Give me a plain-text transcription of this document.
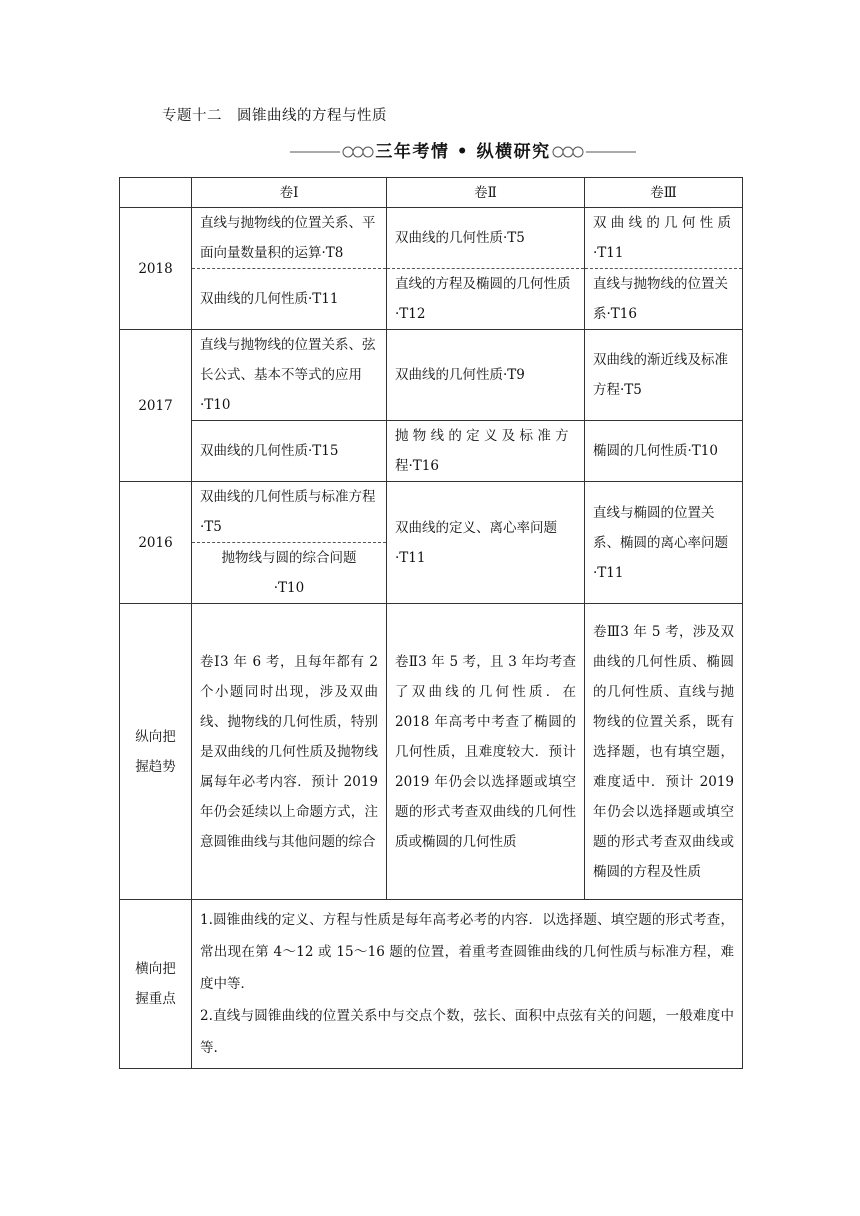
专题十二　圆锥曲线的方程与性质
三年考情 • 纵横研究
	卷Ⅰ	卷Ⅱ	卷Ⅲ
2018	直线与抛物线的位置关系、平面向量数量积的运算·T8	双曲线的几何性质·T5	双 曲 线 的 几 何 性 质·T11
	双曲线的几何性质·T11	直线的方程及椭圆的几何性质·T12	直线与抛物线的位置关系·T16
2017	直线与抛物线的位置关系、弦长公式、基本不等式的应用·T10	双曲线的几何性质·T9	双曲线的渐近线及标准方程·T5
	双曲线的几何性质·T15	抛 物 线 的 定 义 及 标 准 方 程·T16	椭圆的几何性质·T10
2016	双曲线的几何性质与标准方程·T5	双曲线的定义、离心率问题·T11	直线与椭圆的位置关系、椭圆的离心率问题·T11
	抛物线与圆的综合问题·T10		
纵向把握趋势	卷Ⅰ3 年 6 考，且每年都有 2 个小题同时出现，涉及双曲线、抛物线的几何性质，特别是双曲线的几何性质及抛物线属每年必考内容．预计 2019 年仍会延续以上命题方式，注意圆锥曲线与其他问题的综合	卷Ⅱ3 年 5 考，且 3 年均考查了双曲线的几何性质．在 2018 年高考中考查了椭圆的几何性质，且难度较大．预计 2019 年仍会以选择题或填空题的形式考查双曲线的几何性质或椭圆的几何性质	卷Ⅲ3 年 5 考，涉及双曲线的几何性质、椭圆的几何性质、直线与抛物线的位置关系，既有选择题，也有填空题，难度适中．预计 2019 年仍会以选择题或填空题的形式考查双曲线或椭圆的方程及性质
横向把握重点	1.圆锥曲线的定义、方程与性质是每年高考必考的内容．以选择题、填空题的形式考查，常出现在第 4～12 或 15～16 题的位置，着重考查圆锥曲线的几何性质与标准方程，难度中等．
2.直线与圆锥曲线的位置关系中与交点个数，弦长、面积中点弦有关的问题，一般难度中等.		
